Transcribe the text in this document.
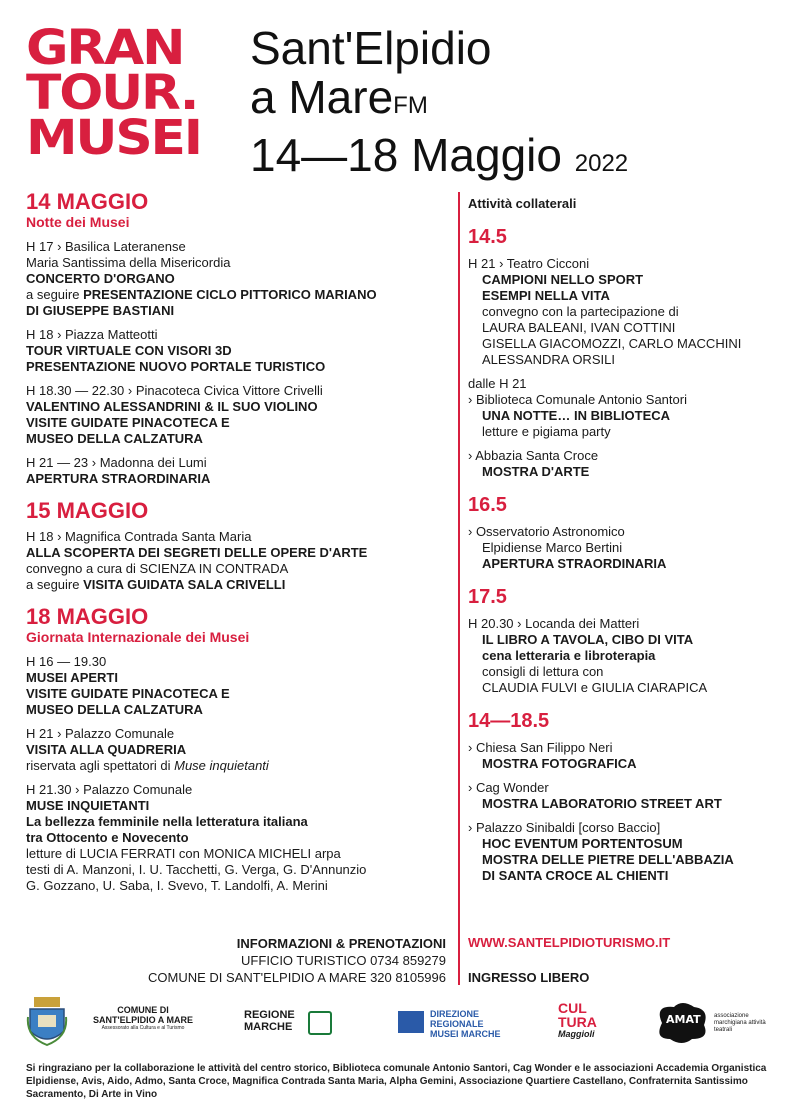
GRAN
TOUR.
MUSEI
Sant'Elpidio
a MareFM
14—18 Maggio 2022
14 MAGGIO
Notte dei Musei
H 17 › Basilica Lateranense
Maria Santissima della Misericordia
CONCERTO D'ORGANO
a seguire PRESENTAZIONE CICLO PITTORICO MARIANO
DI GIUSEPPE BASTIANI
H 18 › Piazza Matteotti
TOUR VIRTUALE CON VISORI 3D
PRESENTAZIONE NUOVO PORTALE TURISTICO
H 18.30 — 22.30 › Pinacoteca Civica Vittore Crivelli
VALENTINO ALESSANDRINI & IL SUO VIOLINO
VISITE GUIDATE PINACOTECA E
MUSEO DELLA CALZATURA
H 21 — 23 › Madonna dei Lumi
APERTURA STRAORDINARIA
15 MAGGIO
H 18 › Magnifica Contrada Santa Maria
ALLA SCOPERTA DEI SEGRETI DELLE OPERE D'ARTE
convegno a cura di SCIENZA IN CONTRADA
a seguire VISITA GUIDATA SALA CRIVELLI
18 MAGGIO
Giornata Internazionale dei Musei
H 16 — 19.30
MUSEI APERTI
VISITE GUIDATE PINACOTECA E
MUSEO DELLA CALZATURA
H 21 › Palazzo Comunale
VISITA ALLA QUADRERIA
riservata agli spettatori di Muse inquietanti
H 21.30 › Palazzo Comunale
MUSE INQUIETANTI
La bellezza femminile nella letteratura italiana
tra Ottocento e Novecento
letture di LUCIA FERRATI con MONICA MICHELI arpa
testi di A. Manzoni, I. U. Tacchetti, G. Verga, G. D'Annunzio
G. Gozzano, U. Saba, I. Svevo, T. Landolfi, A. Merini
Attività collaterali
14.5
H 21 › Teatro Cicconi
CAMPIONI NELLO SPORT
ESEMPI NELLA VITA
convegno con la partecipazione di
LAURA BALEANI, IVAN COTTINI
GISELLA GIACOMOZZI, CARLO MACCHINI
ALESSANDRA ORSILI
dalle H 21
› Biblioteca Comunale Antonio Santori
UNA NOTTE… IN BIBLIOTECA
letture e pigiama party
› Abbazia Santa Croce
MOSTRA D'ARTE
16.5
› Osservatorio Astronomico
Elpidiense Marco Bertini
APERTURA STRAORDINARIA
17.5
H 20.30 › Locanda dei Matteri
IL LIBRO A TAVOLA, CIBO DI VITA
cena letteraria e libroterapia
consigli di lettura con
CLAUDIA FULVI e GIULIA CIARAPICA
14—18.5
› Chiesa San Filippo Neri
MOSTRA FOTOGRAFICA
› Cag Wonder
MOSTRA LABORATORIO STREET ART
› Palazzo Sinibaldi [corso Baccio]
HOC EVENTUM PORTENTOSUM
MOSTRA DELLE PIETRE DELL'ABBAZIA
DI SANTA CROCE AL CHIENTI
INFORMAZIONI & PRENOTAZIONI
UFFICIO TURISTICO 0734 859279
COMUNE DI SANT'ELPIDIO A MARE 320 8105996
WWW.SANTELPIDIOTURISMO.IT
INGRESSO LIBERO
COMUNE DI
SANT'ELPIDIO A MARE
Assessorato alla Cultura e al Turismo
REGIONE
MARCHE
DIREZIONE
REGIONALE
MUSEI MARCHE
CUL
TURA
Maggioli
AMAT associazione marchigiana attività teatrali
Si ringraziano per la collaborazione le attività del centro storico, Biblioteca comunale Antonio Santori, Cag Wonder e le associazioni Accademia Organistica Elpidiense, Avis, Aido, Admo, Santa Croce, Magnifica Contrada Santa Maria, Alpha Gemini, Associazione Quartiere Castellano, Confraternita Santissimo Sacramento, Di Arte in Vino
